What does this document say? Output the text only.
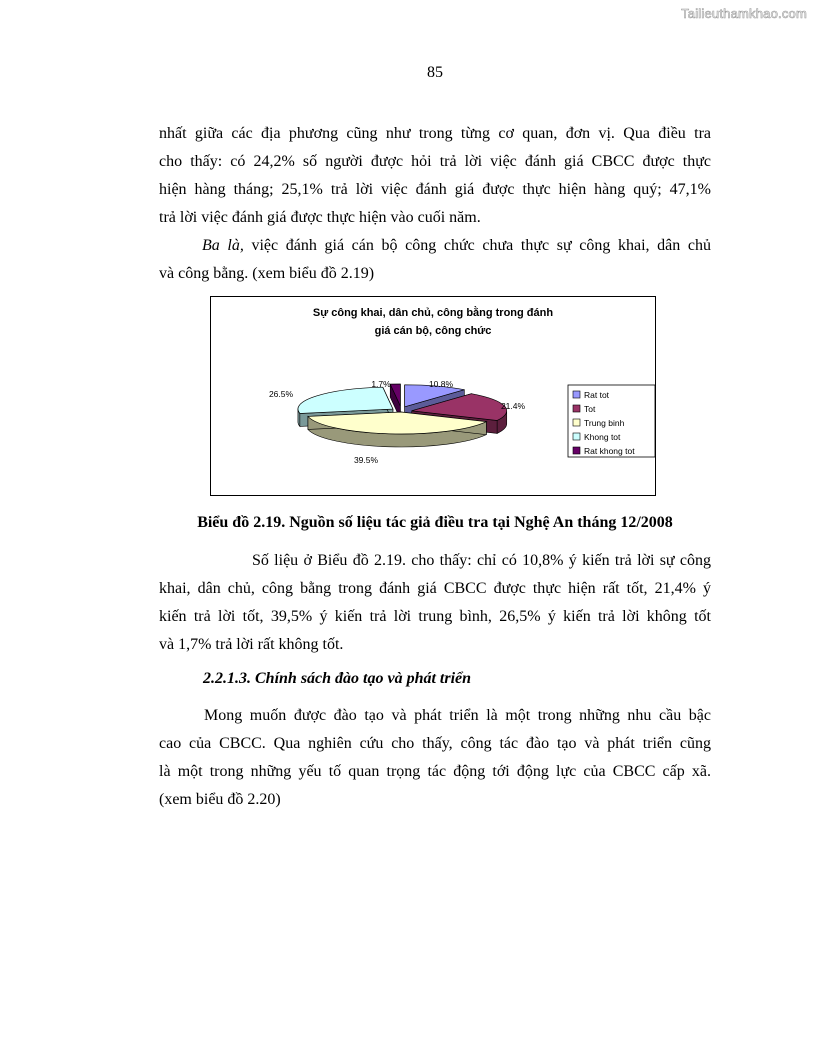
Tailieuthamkhao.com
85
nhất giữa các địa phương cũng như trong từng cơ quan, đơn vị. Qua điều tra
cho thấy: có 24,2% số người được hỏi trả lời việc đánh giá CBCC được thực
hiện hàng tháng; 25,1% trả lời việc đánh giá được thực hiện hàng quý; 47,1%
trả lời việc đánh giá được thực hiện vào cuối năm.
Ba là, việc đánh giá cán bộ công chức chưa thực sự công khai, dân chủ
và công bằng. (xem biểu đồ 2.19)
Sự công khai, dân chủ, công bằng trong đánh
giá cán bộ, công chức
10.8%
21.4%
39.5%
26.5%
1.7%
Rat tot
Tot
Trung binh
Khong tot
Rat khong tot
Biểu đồ 2.19. Nguồn số liệu tác giả điều tra tại Nghệ An tháng 12/2008
Số liệu ở Biểu đồ 2.19. cho thấy: chỉ có 10,8% ý kiến trả lời sự công
khai, dân chủ, công bằng trong đánh giá CBCC được thực hiện rất tốt, 21,4% ý
kiến trả lời tốt, 39,5% ý kiến trả lời trung bình, 26,5% ý kiến trả lời không tốt
và 1,7% trả lời rất không tốt.
2.2.1.3. Chính sách đào tạo và phát triển
Mong muốn được đào tạo và phát triển là một trong những nhu cầu bậc
cao của CBCC. Qua nghiên cứu cho thấy, công tác đào tạo và phát triển cũng
là một trong những yếu tố quan trọng tác động tới động lực của CBCC cấp xã.
(xem biểu đồ 2.20)
